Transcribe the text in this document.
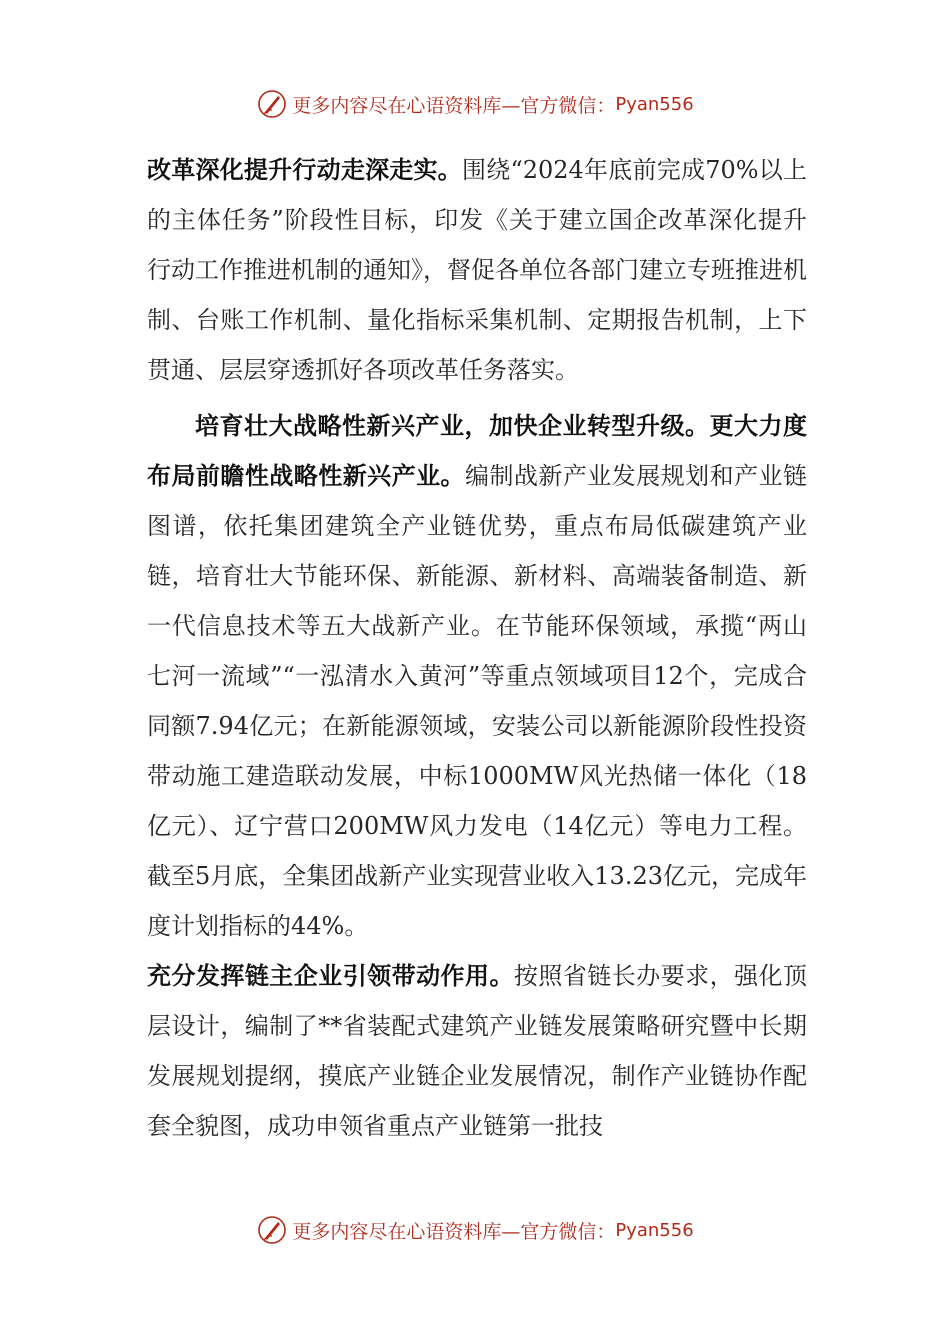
更多内容尽在心语资料库—官方微信： Pyan556

改革深化提升行动走深走实。围绕“2024年底前完成70%以上的主体任务”阶段性目标，印发《关于建立国企改革深化提升行动工作推进机制的通知》，督促各单位各部门建立专班推进机制、台账工作机制、量化指标采集机制、定期报告机制，上下贯通、层层穿透抓好各项改革任务落实。

培育壮大战略性新兴产业，加快企业转型升级。更大力度布局前瞻性战略性新兴产业。编制战新产业发展规划和产业链图谱，依托集团建筑全产业链优势，重点布局低碳建筑产业链，培育壮大节能环保、新能源、新材料、高端装备制造、新一代信息技术等五大战新产业。在节能环保领域，承揽“两山七河一流域”“一泓清水入黄河”等重点领域项目12个，完成合同额7.94亿元；在新能源领域，安装公司以新能源阶段性投资带动施工建造联动发展，中标1000MW风光热储一体化（18亿元）、辽宁营口200MW风力发电（14亿元）等电力工程。截至5月底，全集团战新产业实现营业收入13.23亿元，完成年度计划指标的44%。

充分发挥链主企业引领带动作用。按照省链长办要求，强化顶层设计，编制了**省装配式建筑产业链发展策略研究暨中长期发展规划提纲，摸底产业链企业发展情况，制作产业链协作配套全貌图，成功申领省重点产业链第一批技

更多内容尽在心语资料库—官方微信： Pyan556
